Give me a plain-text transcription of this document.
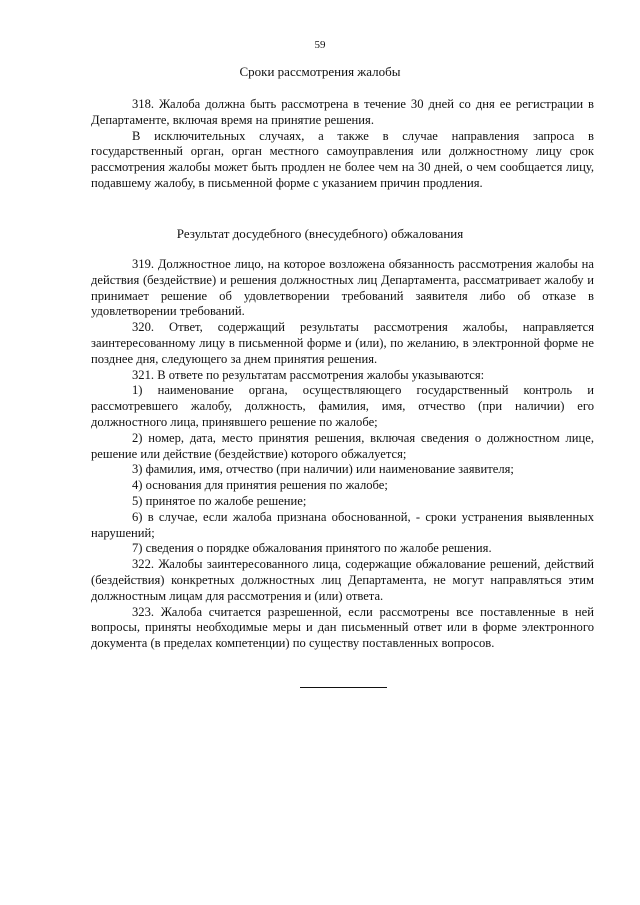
59
Сроки рассмотрения жалобы

318. Жалоба должна быть рассмотрена в течение 30 дней со дня ее регистрации в Департаменте, включая время на принятие решения.

В исключительных случаях, а также в случае направления запроса в государственный орган, орган местного самоуправления или должностному лицу срок рассмотрения жалобы может быть продлен не более чем на 30 дней, о чем сообщается лицу, подавшему жалобу, в письменной форме с указанием причин продления.

Результат досудебного (внесудебного) обжалования

319. Должностное лицо, на которое возложена обязанность рассмотрения жалобы на действия (бездействие) и решения должностных лиц Департамента, рассматривает жалобу и принимает решение об удовлетворении требований заявителя либо об отказе в удовлетворении требований.

320. Ответ, содержащий результаты рассмотрения жалобы, направляется заинтересованному лицу в письменной форме и (или), по желанию, в электронной форме не позднее дня, следующего за днем принятия решения.

321. В ответе по результатам рассмотрения жалобы указываются:

1) наименование органа, осуществляющего государственный контроль и рассмотревшего жалобу, должность, фамилия, имя, отчество (при наличии) его должностного лица, принявшего решение по жалобе;

2) номер, дата, место принятия решения, включая сведения о должностном лице, решение или действие (бездействие) которого обжалуется;

3) фамилия, имя, отчество (при наличии) или наименование заявителя;

4) основания для принятия решения по жалобе;

5) принятое по жалобе решение;

6) в случае, если жалоба признана обоснованной, - сроки устранения выявленных нарушений;

7) сведения о порядке обжалования принятого по жалобе решения.

322. Жалобы заинтересованного лица, содержащие обжалование решений, действий (бездействия) конкретных должностных лиц Департамента, не могут направляться этим должностным лицам для рассмотрения и (или) ответа.

323. Жалоба считается разрешенной, если рассмотрены все поставленные в ней вопросы, приняты необходимые меры и дан письменный ответ или в форме электронного документа (в пределах компетенции) по существу поставленных вопросов.
